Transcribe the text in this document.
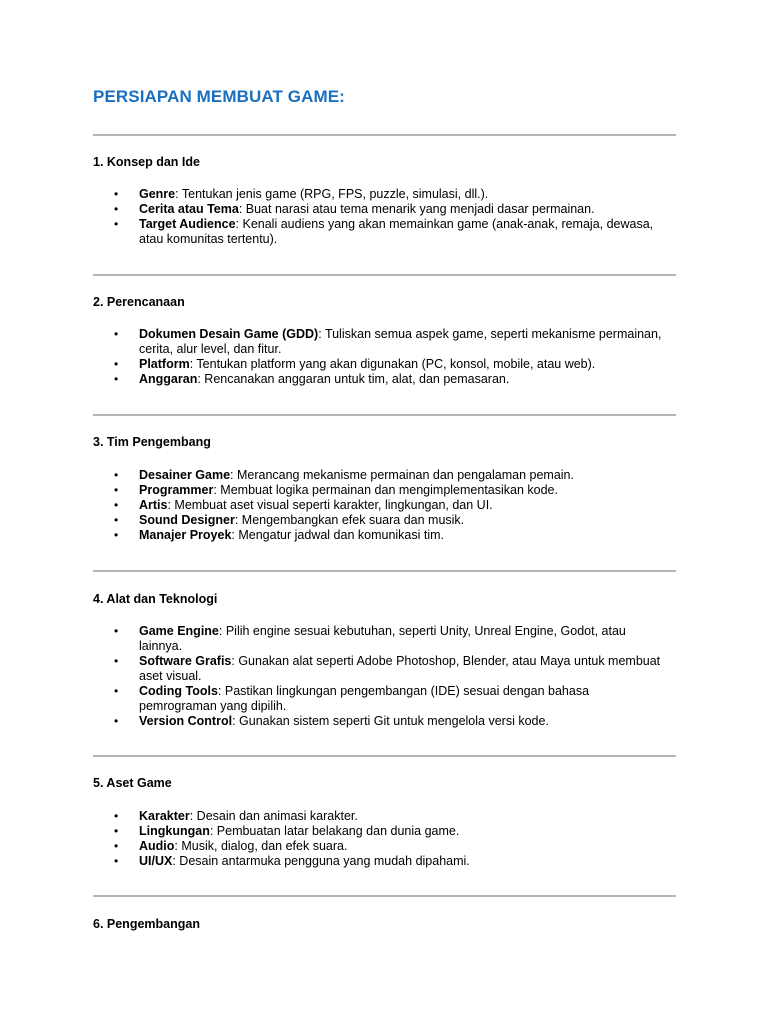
PERSIAPAN MEMBUAT GAME:
1. Konsep dan Ide
• Genre: Tentukan jenis game (RPG, FPS, puzzle, simulasi, dll.).
• Cerita atau Tema: Buat narasi atau tema menarik yang menjadi dasar permainan.
• Target Audience: Kenali audiens yang akan memainkan game (anak-anak, remaja, dewasa, atau komunitas tertentu).
2. Perencanaan
• Dokumen Desain Game (GDD): Tuliskan semua aspek game, seperti mekanisme permainan, cerita, alur level, dan fitur.
• Platform: Tentukan platform yang akan digunakan (PC, konsol, mobile, atau web).
• Anggaran: Rencanakan anggaran untuk tim, alat, dan pemasaran.
3. Tim Pengembang
• Desainer Game: Merancang mekanisme permainan dan pengalaman pemain.
• Programmer: Membuat logika permainan dan mengimplementasikan kode.
• Artis: Membuat aset visual seperti karakter, lingkungan, dan UI.
• Sound Designer: Mengembangkan efek suara dan musik.
• Manajer Proyek: Mengatur jadwal dan komunikasi tim.
4. Alat dan Teknologi
• Game Engine: Pilih engine sesuai kebutuhan, seperti Unity, Unreal Engine, Godot, atau lainnya.
• Software Grafis: Gunakan alat seperti Adobe Photoshop, Blender, atau Maya untuk membuat aset visual.
• Coding Tools: Pastikan lingkungan pengembangan (IDE) sesuai dengan bahasa pemrograman yang dipilih.
• Version Control: Gunakan sistem seperti Git untuk mengelola versi kode.
5. Aset Game
• Karakter: Desain dan animasi karakter.
• Lingkungan: Pembuatan latar belakang dan dunia game.
• Audio: Musik, dialog, dan efek suara.
• UI/UX: Desain antarmuka pengguna yang mudah dipahami.
6. Pengembangan
